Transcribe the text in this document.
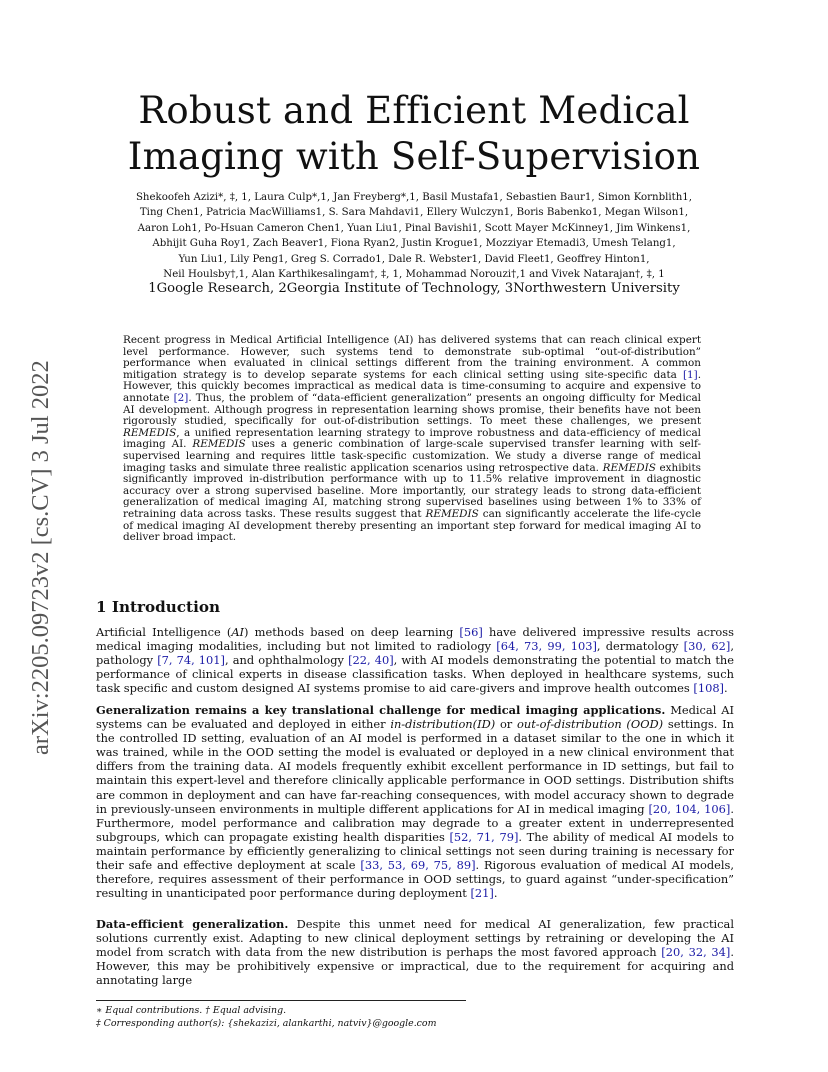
arXiv:2205.09723v2 [cs.CV] 3 Jul 2022
Robust and Efficient Medical
Imaging with Self-Supervision
Shekoofeh Azizi*, ‡, 1, Laura Culp*,1, Jan Freyberg*,1, Basil Mustafa1, Sebastien Baur1, Simon Kornblith1,
Ting Chen1, Patricia MacWilliams1, S. Sara Mahdavi1, Ellery Wulczyn1, Boris Babenko1, Megan Wilson1,
Aaron Loh1, Po-Hsuan Cameron Chen1, Yuan Liu1, Pinal Bavishi1, Scott Mayer McKinney1, Jim Winkens1,
Abhijit Guha Roy1, Zach Beaver1, Fiona Ryan2, Justin Krogue1, Mozziyar Etemadi3, Umesh Telang1,
Yun Liu1, Lily Peng1, Greg S. Corrado1, Dale R. Webster1, David Fleet1, Geoffrey Hinton1,
Neil Houlsby†,1, Alan Karthikesalingam†, ‡, 1, Mohammad Norouzi†,1 and Vivek Natarajan†, ‡, 1
1Google Research, 2Georgia Institute of Technology, 3Northwestern University
Recent progress in Medical Artificial Intelligence (AI) has delivered systems that can reach clinical expert level performance. However, such systems tend to demonstrate sub-optimal “out-of-distribution” performance when evaluated in clinical settings different from the training environment. A common mitigation strategy is to develop separate systems for each clinical setting using site-specific data [1]. However, this quickly becomes impractical as medical data is time-consuming to acquire and expensive to annotate [2]. Thus, the problem of “data-efficient generalization” presents an ongoing difficulty for Medical AI development. Although progress in representation learning shows promise, their benefits have not been rigorously studied, specifically for out-of-distribution settings. To meet these challenges, we present REMEDIS, a unified representation learning strategy to improve robustness and data-efficiency of medical imaging AI. REMEDIS uses a generic combination of large-scale supervised transfer learning with self-supervised learning and requires little task-specific customization. We study a diverse range of medical imaging tasks and simulate three realistic application scenarios using retrospective data. REMEDIS exhibits significantly improved in-distribution performance with up to 11.5% relative improvement in diagnostic accuracy over a strong supervised baseline. More importantly, our strategy leads to strong data-efficient generalization of medical imaging AI, matching strong supervised baselines using between 1% to 33% of retraining data across tasks. These results suggest that REMEDIS can significantly accelerate the life-cycle of medical imaging AI development thereby presenting an important step forward for medical imaging AI to deliver broad impact.
1 Introduction
Artificial Intelligence (AI) methods based on deep learning [56] have delivered impressive results across medical imaging modalities, including but not limited to radiology [64, 73, 99, 103], dermatology [30, 62], pathology [7, 74, 101], and ophthalmology [22, 40], with AI models demonstrating the potential to match the performance of clinical experts in disease classification tasks. When deployed in healthcare systems, such task specific and custom designed AI systems promise to aid care-givers and improve health outcomes [108].
Generalization remains a key translational challenge for medical imaging applications. Medical AI systems can be evaluated and deployed in either in-distribution(ID) or out-of-distribution (OOD) settings. In the controlled ID setting, evaluation of an AI model is performed in a dataset similar to the one in which it was trained, while in the OOD setting the model is evaluated or deployed in a new clinical environment that differs from the training data. AI models frequently exhibit excellent performance in ID settings, but fail to maintain this expert-level and therefore clinically applicable performance in OOD settings. Distribution shifts are common in deployment and can have far-reaching consequences, with model accuracy shown to degrade in previously-unseen environments in multiple different applications for AI in medical imaging [20, 104, 106]. Furthermore, model performance and calibration may degrade to a greater extent in underrepresented subgroups, which can propagate existing health disparities [52, 71, 79]. The ability of medical AI models to maintain performance by efficiently generalizing to clinical settings not seen during training is necessary for their safe and effective deployment at scale [33, 53, 69, 75, 89]. Rigorous evaluation of medical AI models, therefore, requires assessment of their performance in OOD settings, to guard against “under-specification” resulting in unanticipated poor performance during deployment [21].
Data-efficient generalization. Despite this unmet need for medical AI generalization, few practical solutions currently exist. Adapting to new clinical deployment settings by retraining or developing the AI model from scratch with data from the new distribution is perhaps the most favored approach [20, 32, 34]. However, this may be prohibitively expensive or impractical, due to the requirement for acquiring and annotating large
∗ Equal contributions. † Equal advising.
‡ Corresponding author(s): {shekazizi, alankarthi, natviv}@google.com
